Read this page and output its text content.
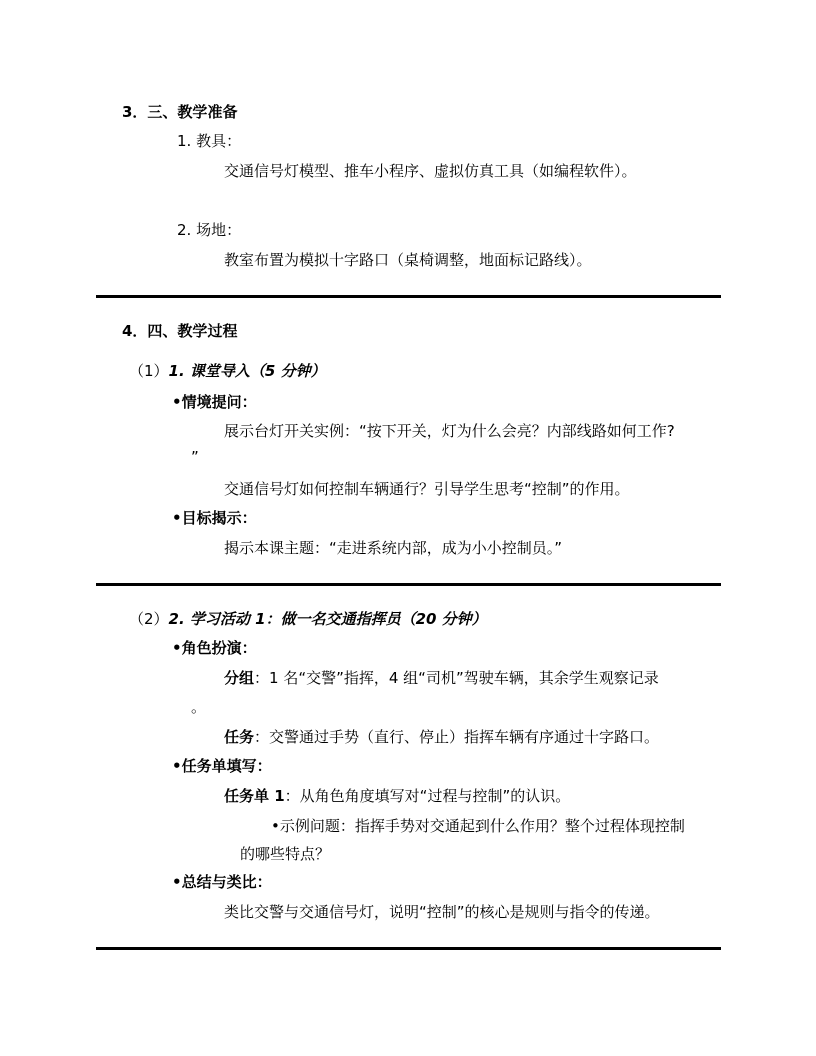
3．三、教学准备
1. 教具：
交通信号灯模型、推车小程序、虚拟仿真工具（如编程软件）。
2. 场地：
教室布置为模拟十字路口（桌椅调整，地面标记路线）。
4．四、教学过程
（1）1. 课堂导入（5 分钟）
•情境提问：
展示台灯开关实例：“按下开关，灯为什么会亮？内部线路如何工作?
”
交通信号灯如何控制车辆通行？引导学生思考“控制”的作用。
•目标揭示：
揭示本课主题：“走进系统内部，成为小小控制员。”
（2）2. 学习活动 1：做一名交通指挥员（20 分钟）
•角色扮演：
分组：1 名“交警”指挥，4 组“司机”驾驶车辆，其余学生观察记录
。
任务：交警通过手势（直行、停止）指挥车辆有序通过十字路口。
•任务单填写：
任务单 1：从角色角度填写对“过程与控制”的认识。
•示例问题：指挥手势对交通起到什么作用？整个过程体现控制
的哪些特点？
•总结与类比：
类比交警与交通信号灯，说明“控制”的核心是规则与指令的传递。
